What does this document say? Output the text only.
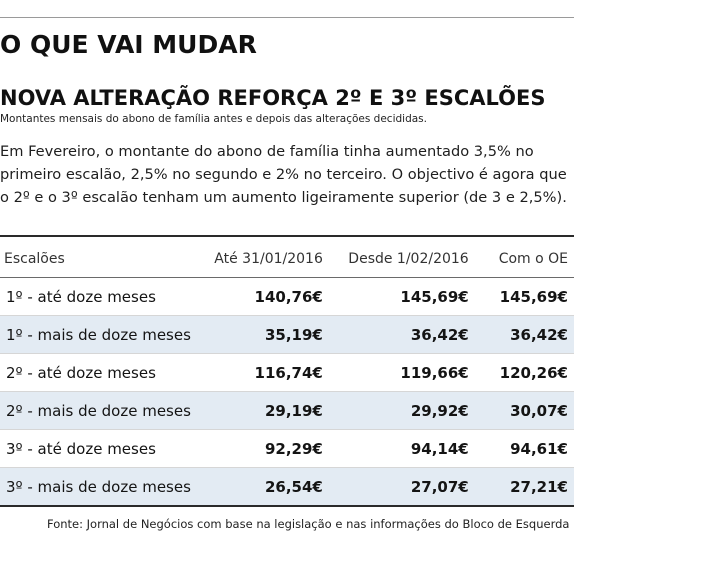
O QUE VAI MUDAR
NOVA ALTERAÇÃO REFORÇA 2º E 3º ESCALÕES

Montantes mensais do abono de família antes e depois das alterações decididas.

Em Fevereiro, o montante do abono de família tinha aumentado 3,5% no primeiro escalão, 2,5% no segundo e 2% no terceiro. O objectivo é agora que o 2º e o 3º escalão tenham um aumento ligeiramente superior (de 3 e 2,5%).

Escalões	Até 31/01/2016	Desde 1/02/2016	Com o OE
1º - até doze meses	140,76€	145,69€	145,69€
1º - mais de doze meses	35,19€	36,42€	36,42€
2º - até doze meses	116,74€	119,66€	120,26€
2º - mais de doze meses	29,19€	29,92€	30,07€
3º - até doze meses	92,29€	94,14€	94,61€
3º - mais de doze meses	26,54€	27,07€	27,21€

Fonte: Jornal de Negócios com base na legislação e nas informações do Bloco de Esquerda
